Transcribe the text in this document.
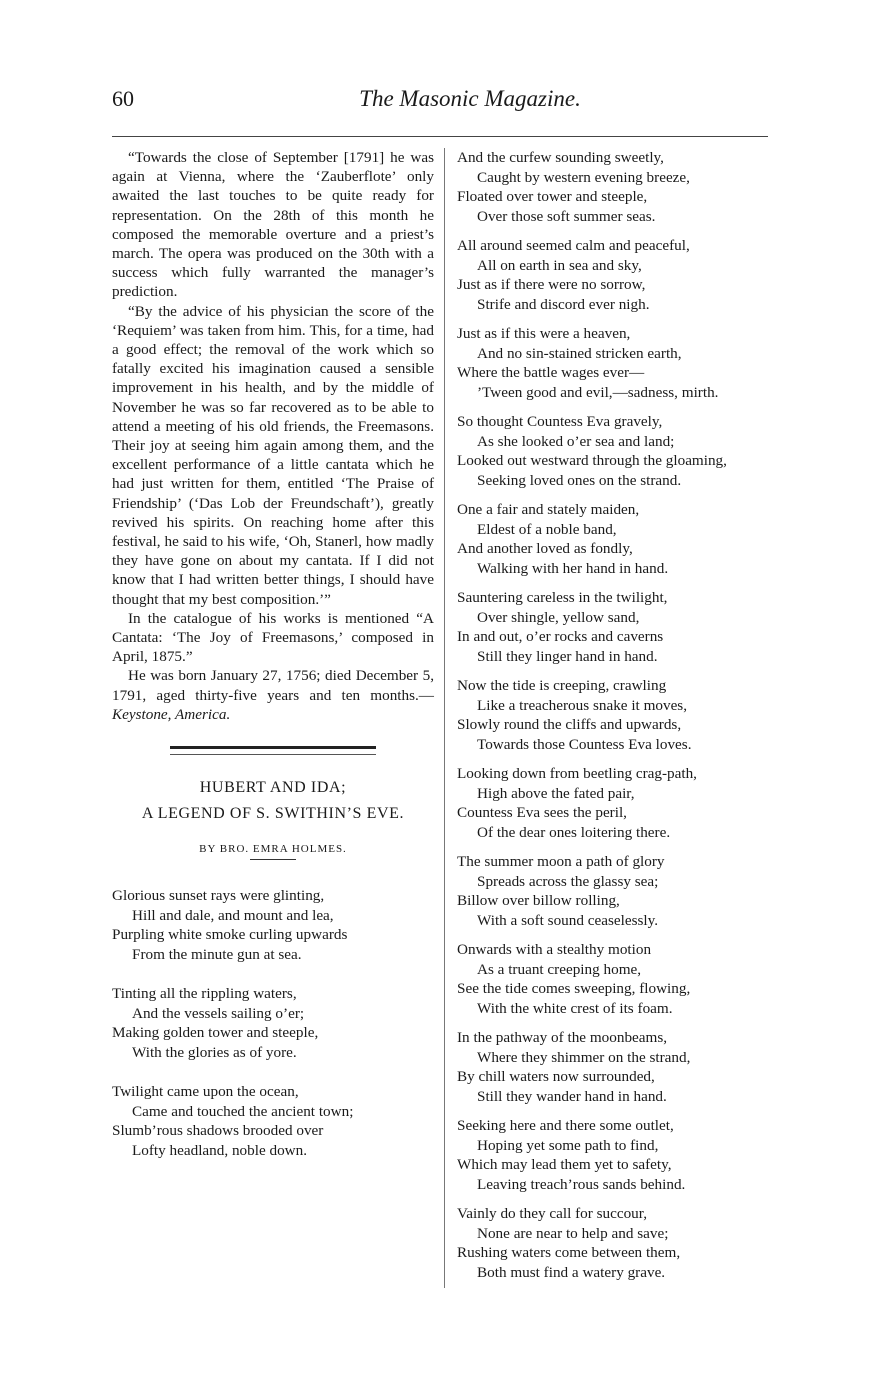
60	The Masonic Magazine.

“Towards the close of September [1791] he was again at Vienna, where the ‘Zauberflote’ only awaited the last touches to be quite ready for representation. On the 28th of this month he composed the memorable overture and a priest’s march. The opera was produced on the 30th with a success which fully warranted the manager’s prediction.

“By the advice of his physician the score of the ‘Requiem’ was taken from him. This, for a time, had a good effect; the removal of the work which so fatally excited his imagination caused a sensible improvement in his health, and by the middle of November he was so far recovered as to be able to attend a meeting of his old friends, the Freemasons. Their joy at seeing him again among them, and the excellent performance of a little cantata which he had just written for them, entitled ‘The Praise of Friendship’ (‘Das Lob der Freundschaft’), greatly revived his spirits. On reaching home after this festival, he said to his wife, ‘Oh, Stanerl, how madly they have gone on about my cantata. If I did not know that I had written better things, I should have thought that my best composition.’”

In the catalogue of his works is mentioned “A Cantata: ‘The Joy of Freemasons,’ composed in April, 1875.”

He was born January 27, 1756; died December 5, 1791, aged thirty-five years and ten months.—Keystone, America.

HUBERT AND IDA;
A LEGEND OF S. SWITHIN’S EVE.
BY BRO. EMRA HOLMES.
Glorious sunset rays were glinting,
Hill and dale, and mount and lea,
Purpling white smoke curling upwards
From the minute gun at sea.
Tinting all the rippling waters,
And the vessels sailing o’er;
Making golden tower and steeple,
With the glories as of yore.
Twilight came upon the ocean,
Came and touched the ancient town;
Slumb’rous shadows brooded over
Lofty headland, noble down.
And the curfew sounding sweetly,
Caught by western evening breeze,
Floated over tower and steeple,
Over those soft summer seas.
All around seemed calm and peaceful,
All on earth in sea and sky,
Just as if there were no sorrow,
Strife and discord ever nigh.
Just as if this were a heaven,
And no sin-stained stricken earth,
Where the battle wages ever—
’Tween good and evil,—sadness, mirth.
So thought Countess Eva gravely,
As she looked o’er sea and land;
Looked out westward through the gloaming,
Seeking loved ones on the strand.
One a fair and stately maiden,
Eldest of a noble band,
And another loved as fondly,
Walking with her hand in hand.
Sauntering careless in the twilight,
Over shingle, yellow sand,
In and out, o’er rocks and caverns
Still they linger hand in hand.
Now the tide is creeping, crawling
Like a treacherous snake it moves,
Slowly round the cliffs and upwards,
Towards those Countess Eva loves.
Looking down from beetling crag-path,
High above the fated pair,
Countess Eva sees the peril,
Of the dear ones loitering there.
The summer moon a path of glory
Spreads across the glassy sea;
Billow over billow rolling,
With a soft sound ceaselessly.
Onwards with a stealthy motion
As a truant creeping home,
See the tide comes sweeping, flowing,
With the white crest of its foam.
In the pathway of the moonbeams,
Where they shimmer on the strand,
By chill waters now surrounded,
Still they wander hand in hand.
Seeking here and there some outlet,
Hoping yet some path to find,
Which may lead them yet to safety,
Leaving treach’rous sands behind.
Vainly do they call for succour,
None are near to help and save;
Rushing waters come between them,
Both must find a watery grave.
